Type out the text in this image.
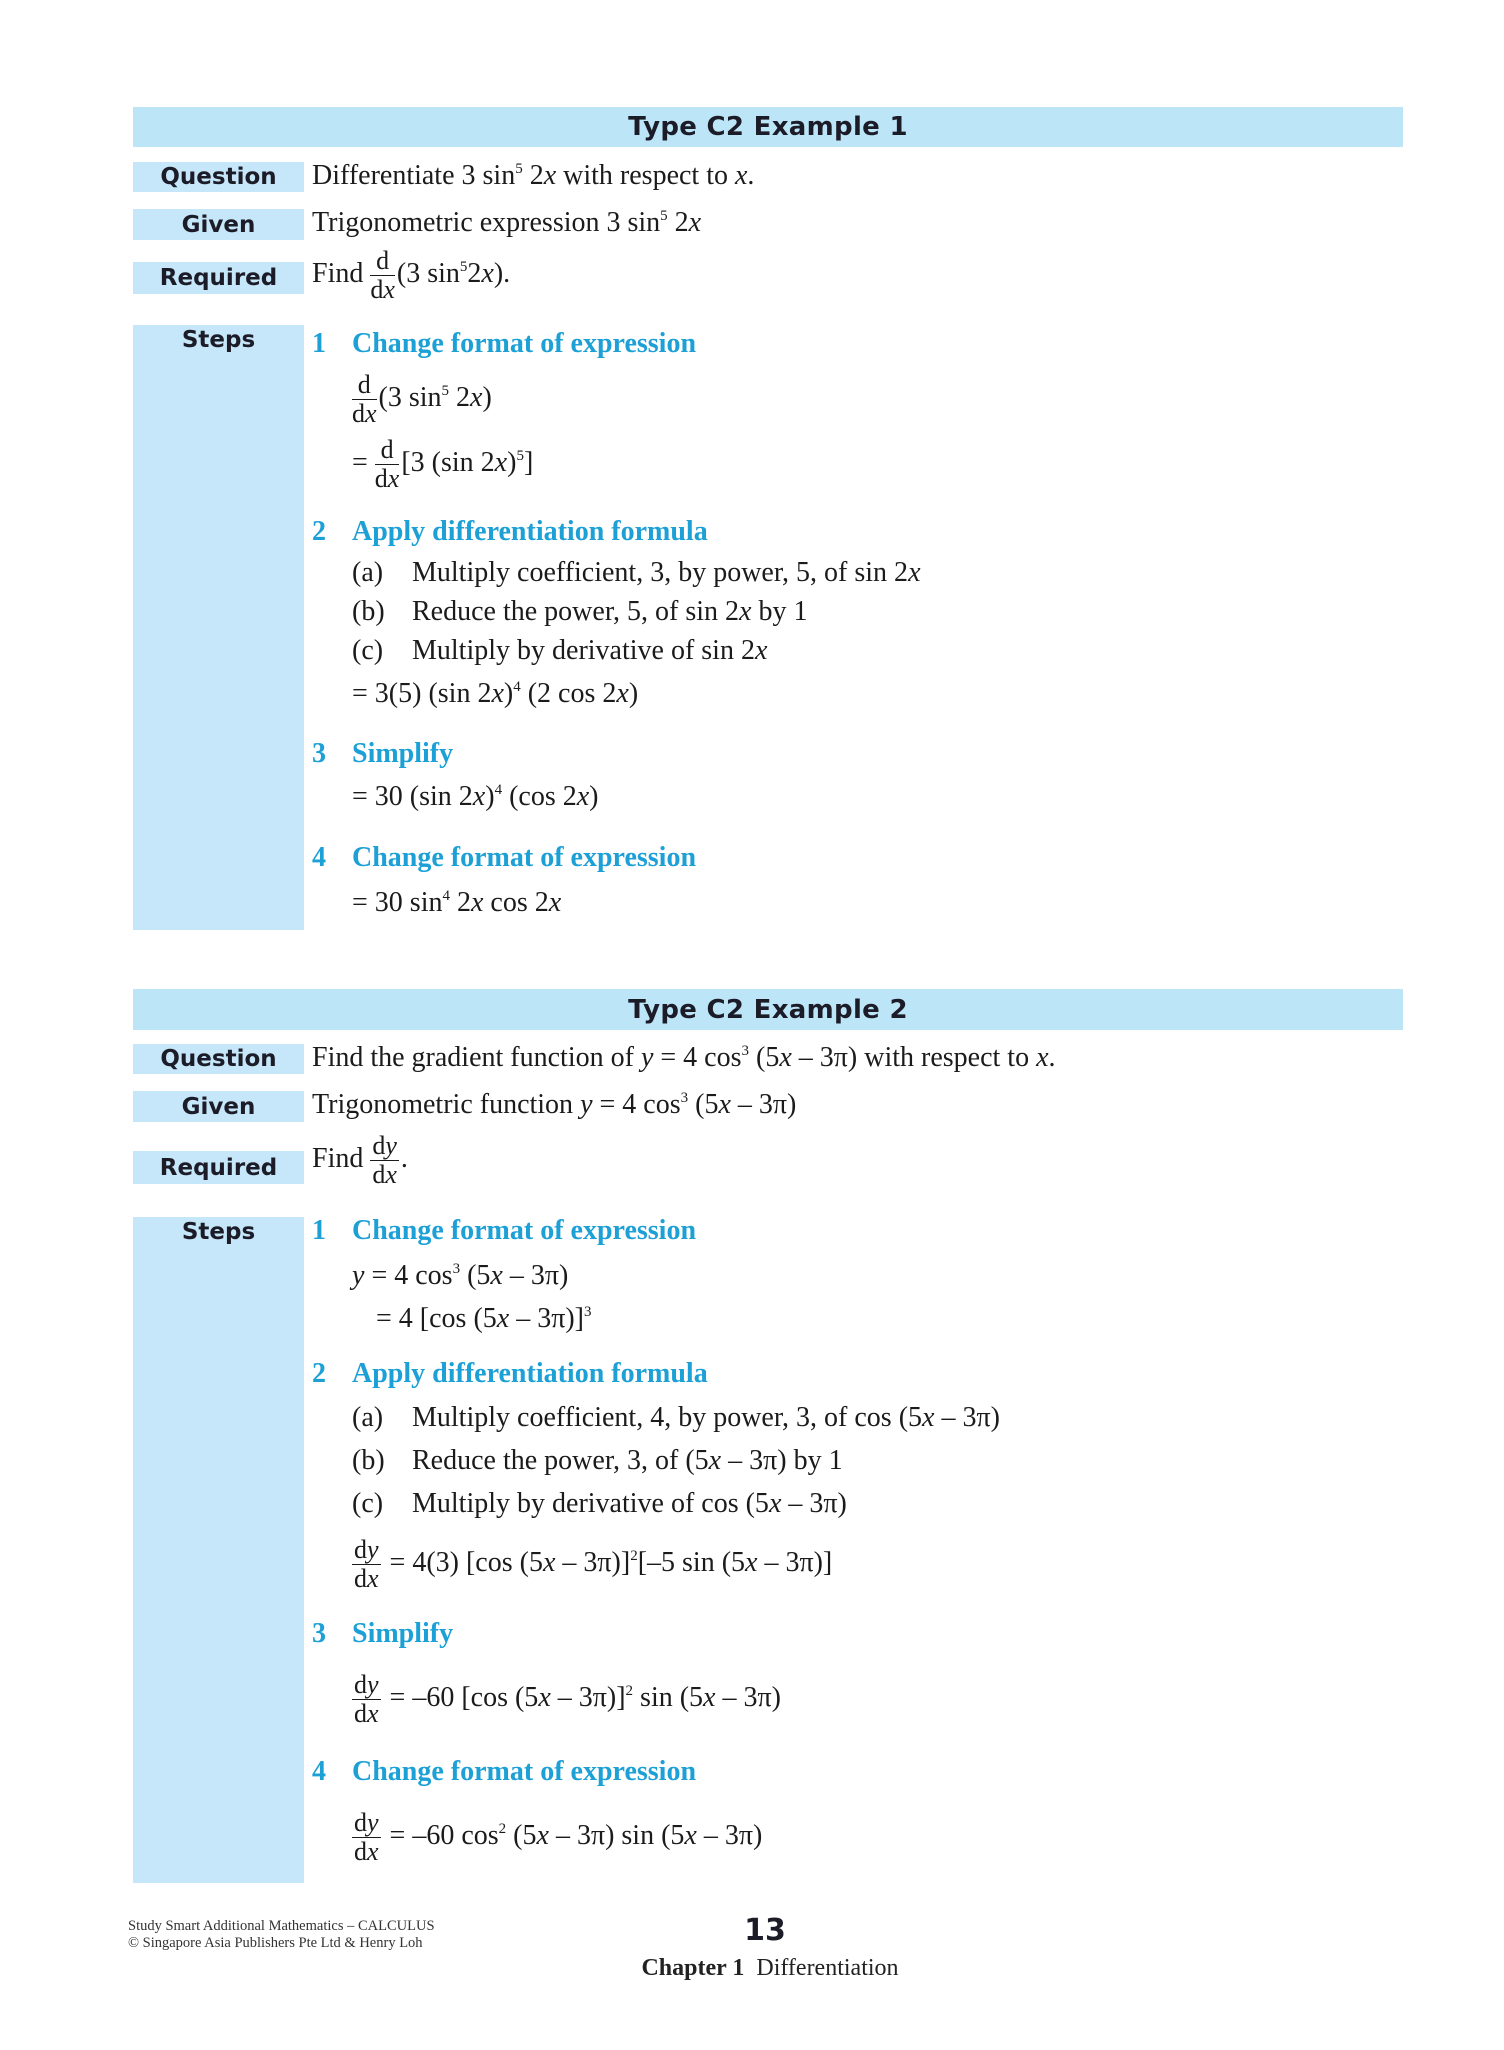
Type C2 Example 1
Question Differentiate 3 $\sin^5 2x$ with respect to x.
Given Trigonometric expression 3 $\sin^5 2x$
Required Find $\frac{d}{dx} (3$ $\sin^52x$).
Steps 1 Change format of expression
$\frac{d}{dx} (3$ $\sin^5 2x$)
= $\frac{d}{dx} [3$ (sin 2x)$^5$]
2 Apply differentiation formula
(a) Multiply coefficient, 3, by power, 5, of sin 2x
(b) Reduce the power, 5, of sin 2x by 1
(c) Multiply by derivative of sin 2x
= 3(5) (sin 2x)$^4$ (2 cos 2x)
3 Simplify
= 30 (sin 2x)$^4$ (cos 2x)
4 Change format of expression
= 30 $\sin^4 2x$ cos 2x
Type C2 Example 2
Question Find the gradient function of y = 4 $\cos^3 (5x - 3\pi)$ with respect to x.
Given Trigonometric function y = 4 $\cos^3 (5x - 3\pi)$
Required Find $\frac{dy}{dx}$ .
Steps 1 Change format of expression
y = 4 $\cos^3 (5x - 3\pi)$
= 4 [cos (5x – 3π)]$^3$
2 Apply differentiation formula
(a) Multiply coefficient, 4, by power, 3, of cos (5x – 3π)
(b) Reduce the power, 3, of (5x – 3π) by 1
(c) Multiply by derivative of cos (5x – 3π)
$\frac{dy}{dx} = 4(3)$ [cos (5x – 3π)]$^2$[–5 sin (5x – 3π)]
3 Simplify
$\frac{dy}{dx} = -60$ [cos (5x – 3π)]$^2$ sin (5x – 3π)
4 Change format of expression
$\frac{dy}{dx} = -60$ $\cos^2 (5x - 3\pi)$ sin (5x – 3π)
Study Smart Additional Mathematics – CALCULUS
© Singapore Asia Publishers Pte Ltd & Henry Loh	13
Chapter 1 Differentiation
